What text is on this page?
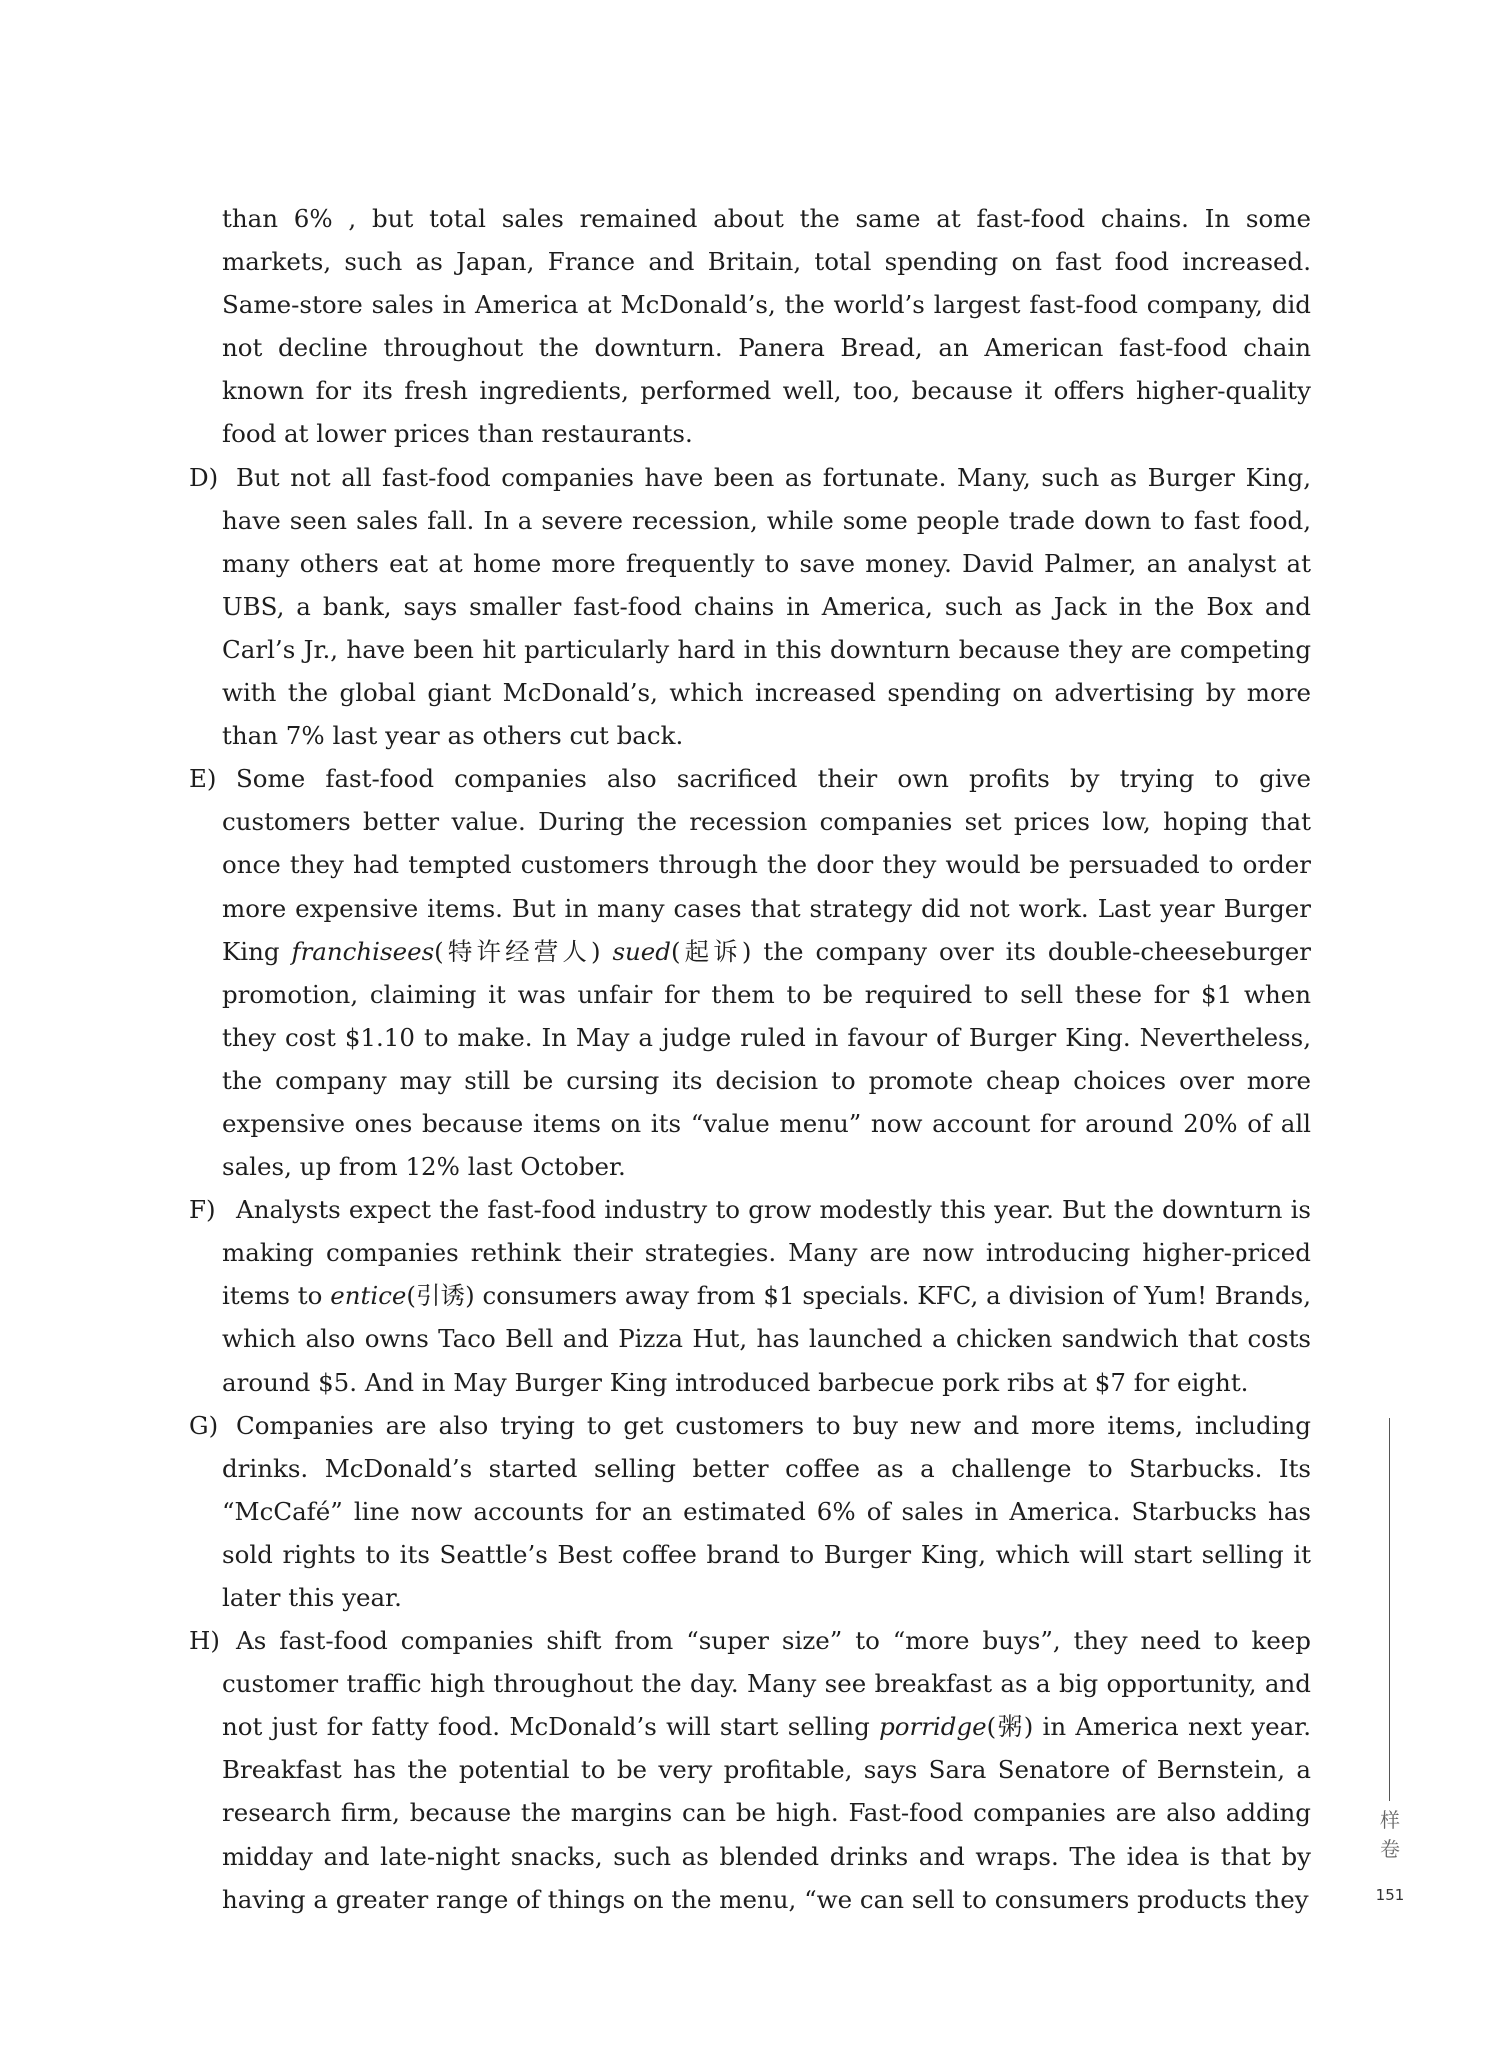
than 6% , but total sales remained about the same at fast-food chains. In some markets, such as Japan, France and Britain, total spending on fast food increased. Same-store sales in America at McDonald’s, the world’s largest fast-food company, did not decline throughout the downturn. Panera Bread, an American fast-food chain known for its fresh ingredients, performed well, too, because it offers higher-quality food at lower prices than restaurants.

D) But not all fast-food companies have been as fortunate. Many, such as Burger King, have seen sales fall. In a severe recession, while some people trade down to fast food, many others eat at home more frequently to save money. David Palmer, an analyst at UBS, a bank, says smaller fast-food chains in America, such as Jack in the Box and Carl’s Jr., have been hit particularly hard in this downturn because they are competing with the global giant McDonald’s, which increased spending on advertising by more than 7% last year as others cut back.

E) Some fast-food companies also sacrificed their own profits by trying to give customers better value. During the recession companies set prices low, hoping that once they had tempted customers through the door they would be persuaded to order more expensive items. But in many cases that strategy did not work. Last year Burger King franchisees(特许经营人) sued(起诉) the company over its double-cheeseburger promotion, claiming it was unfair for them to be required to sell these for $1 when they cost $1.10 to make. In May a judge ruled in favour of Burger King. Nevertheless, the company may still be cursing its decision to promote cheap choices over more expensive ones because items on its “value menu” now account for around 20% of all sales, up from 12% last October.

F) Analysts expect the fast-food industry to grow modestly this year. But the downturn is making companies rethink their strategies. Many are now introducing higher-priced items to entice(引诱) consumers away from $1 specials. KFC, a division of Yum! Brands, which also owns Taco Bell and Pizza Hut, has launched a chicken sandwich that costs around $5. And in May Burger King introduced barbecue pork ribs at $7 for eight.

G) Companies are also trying to get customers to buy new and more items, including drinks. McDonald’s started selling better coffee as a challenge to Starbucks. Its “McCafé” line now accounts for an estimated 6% of sales in America. Starbucks has sold rights to its Seattle’s Best coffee brand to Burger King, which will start selling it later this year.

H) As fast-food companies shift from “super size” to “more buys”, they need to keep customer traffic high throughout the day. Many see breakfast as a big opportunity, and not just for fatty food. McDonald’s will start selling porridge(粥) in America next year. Breakfast has the potential to be very profitable, says Sara Senatore of Bernstein, a research firm, because the margins can be high. Fast-food companies are also adding midday and late-night snacks, such as blended drinks and wraps. The idea is that by having a greater range of things on the menu, “we can sell to consumers products they

样
卷
151
